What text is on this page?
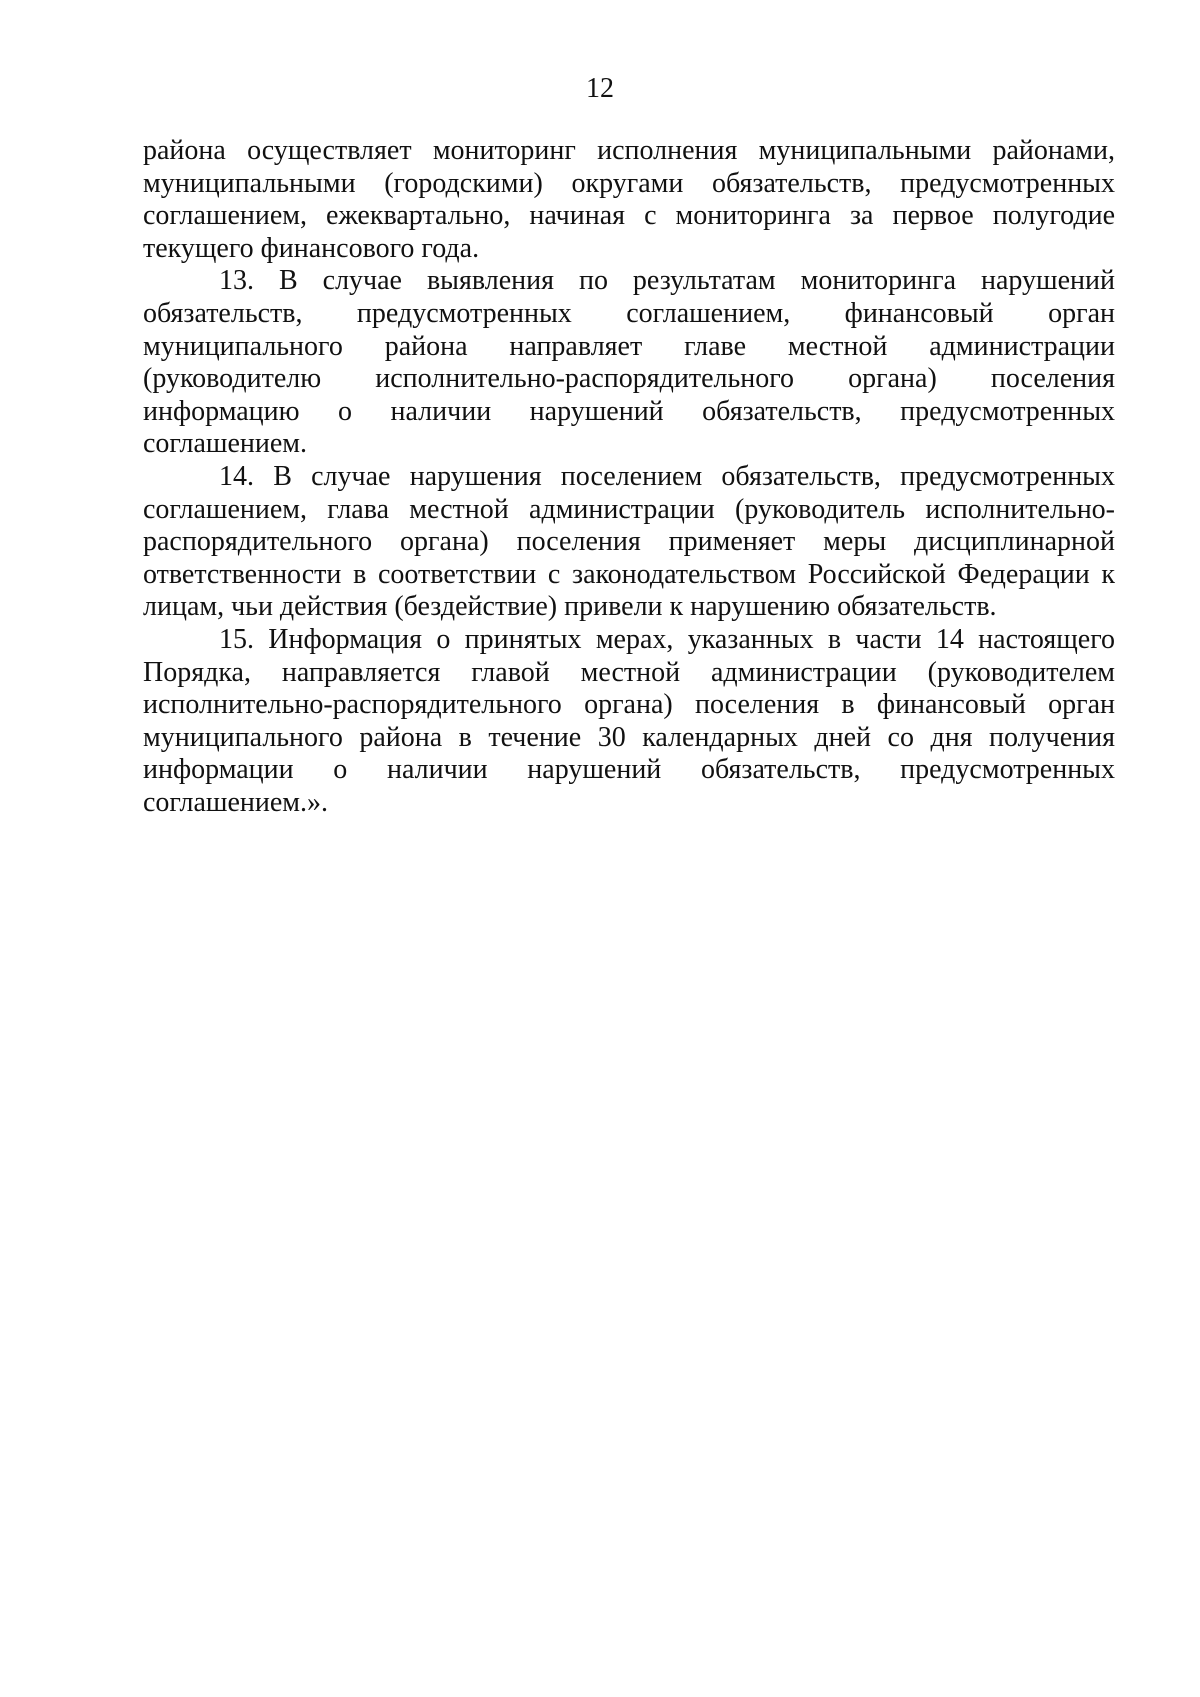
12

района осуществляет мониторинг исполнения муниципальными районами, муниципальными (городскими) округами обязательств, предусмотренных соглашением, ежеквартально, начиная с мониторинга за первое полугодие текущего финансового года.

13. В случае выявления по результатам мониторинга нарушений обязательств, предусмотренных соглашением, финансовый орган муниципального района направляет главе местной администрации (руководителю исполнительно-распорядительного органа) поселения информацию о наличии нарушений обязательств, предусмотренных соглашением.

14. В случае нарушения поселением обязательств, предусмотренных соглашением, глава местной администрации (руководитель исполнительно-распорядительного органа) поселения применяет меры дисциплинарной ответственности в соответствии с законодательством Российской Федерации к лицам, чьи действия (бездействие) привели к нарушению обязательств.

15. Информация о принятых мерах, указанных в части 14 настоящего Порядка, направляется главой местной администрации (руководителем исполнительно-распорядительного органа) поселения в финансовый орган муниципального района в течение 30 календарных дней со дня получения информации о наличии нарушений обязательств, предусмотренных соглашением.».
